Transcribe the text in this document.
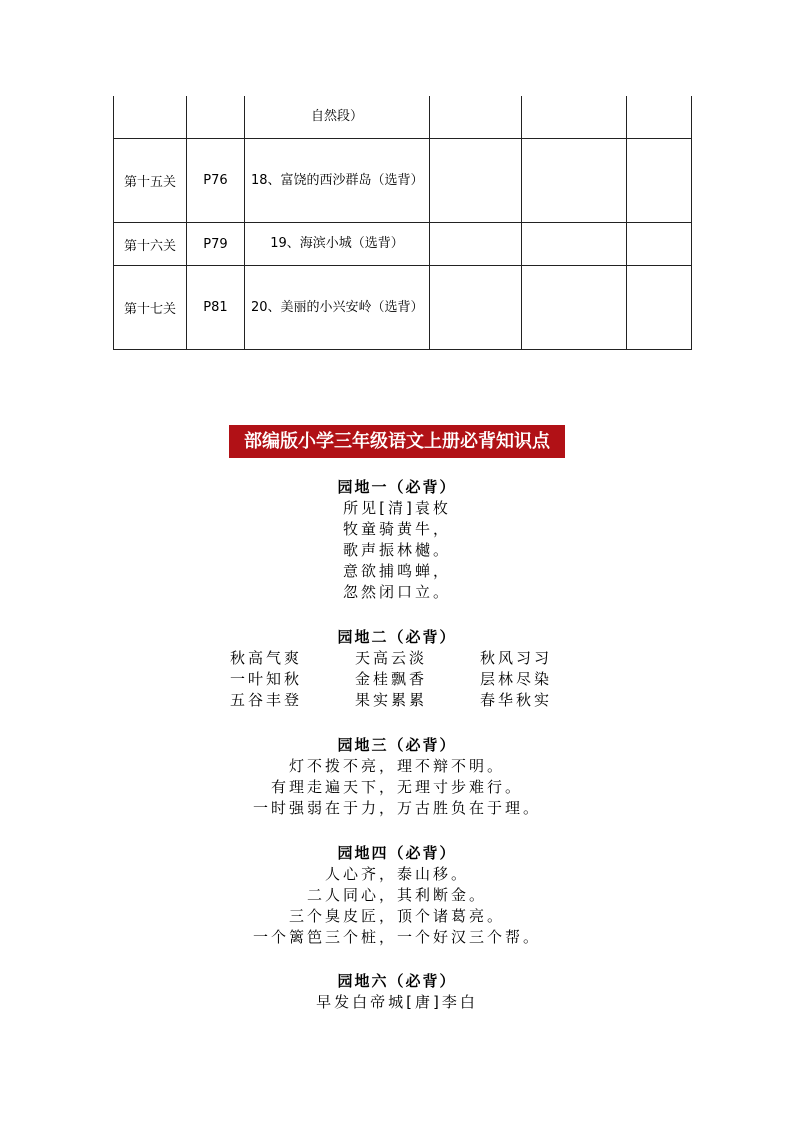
		自然段）			
第十五关	P76	18、富饶的西沙群岛（选背）			
第十六关	P79	19、海滨小城（选背）			
第十七关	P81	20、美丽的小兴安岭（选背）			
部编版小学三年级语文上册必背知识点
园地一（必背）
所见[清]袁枚
牧童骑黄牛，
歌声振林樾。
意欲捕鸣蝉，
忽然闭口立。
园地二（必背）
秋高气爽	天高云淡	秋风习习
一叶知秋	金桂飘香	层林尽染
五谷丰登	果实累累	春华秋实
园地三（必背）
灯不拨不亮，理不辩不明。
有理走遍天下，无理寸步难行。
一时强弱在于力，万古胜负在于理。
园地四（必背）
人心齐，泰山移。
二人同心，其利断金。
三个臭皮匠，顶个诸葛亮。
一个篱笆三个桩，一个好汉三个帮。
园地六（必背）
早发白帝城[唐]李白
